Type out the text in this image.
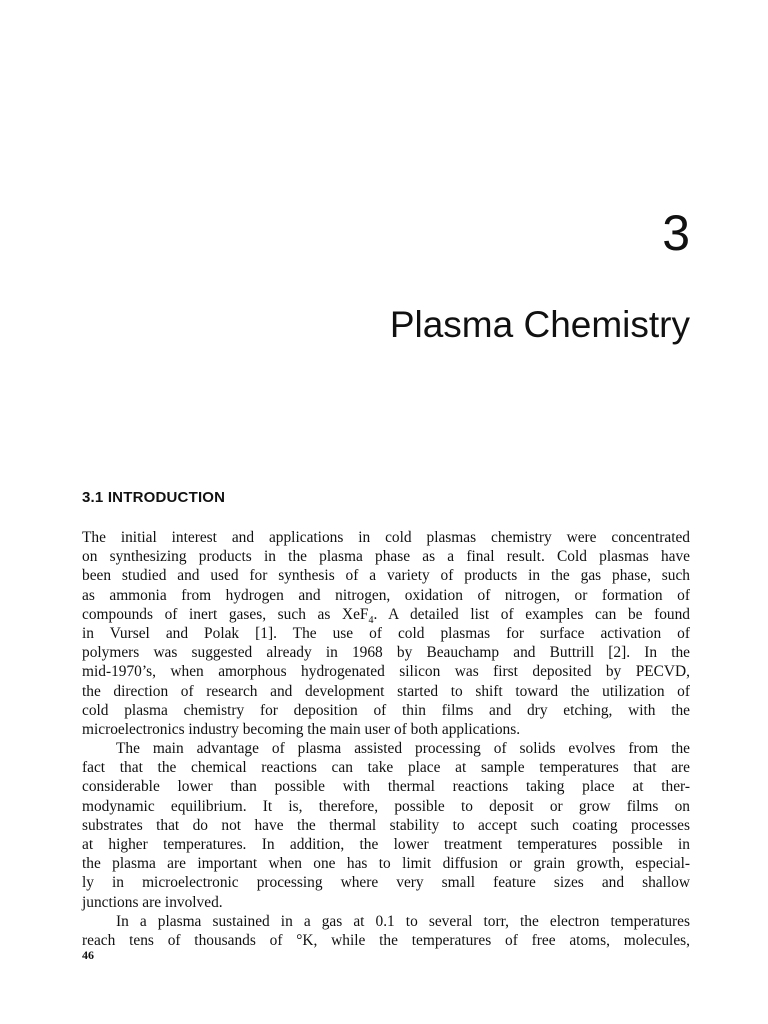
3
Plasma Chemistry
3.1 INTRODUCTION
The initial interest and applications in cold plasmas chemistry were concentrated
on synthesizing products in the plasma phase as a final result. Cold plasmas have
been studied and used for synthesis of a variety of products in the gas phase, such
as ammonia from hydrogen and nitrogen, oxidation of nitrogen, or formation of
compounds of inert gases, such as XeF$_4$. A detailed list of examples can be found
in Vursel and Polak [1]. The use of cold plasmas for surface activation of
polymers was suggested already in 1968 by Beauchamp and Buttrill [2]. In the
mid-1970’s, when amorphous hydrogenated silicon was first deposited by PECVD,
the direction of research and development started to shift toward the utilization of
cold plasma chemistry for deposition of thin films and dry etching, with the
microelectronics industry becoming the main user of both applications.
The main advantage of plasma assisted processing of solids evolves from the
fact that the chemical reactions can take place at sample temperatures that are
considerable lower than possible with thermal reactions taking place at ther-
modynamic equilibrium. It is, therefore, possible to deposit or grow films on
substrates that do not have the thermal stability to accept such coating processes
at higher temperatures. In addition, the lower treatment temperatures possible in
the plasma are important when one has to limit diffusion or grain growth, especial-
ly in microelectronic processing where very small feature sizes and shallow
junctions are involved.
In a plasma sustained in a gas at 0.1 to several torr, the electron temperatures
reach tens of thousands of °K, while the temperatures of free atoms, molecules,
46
